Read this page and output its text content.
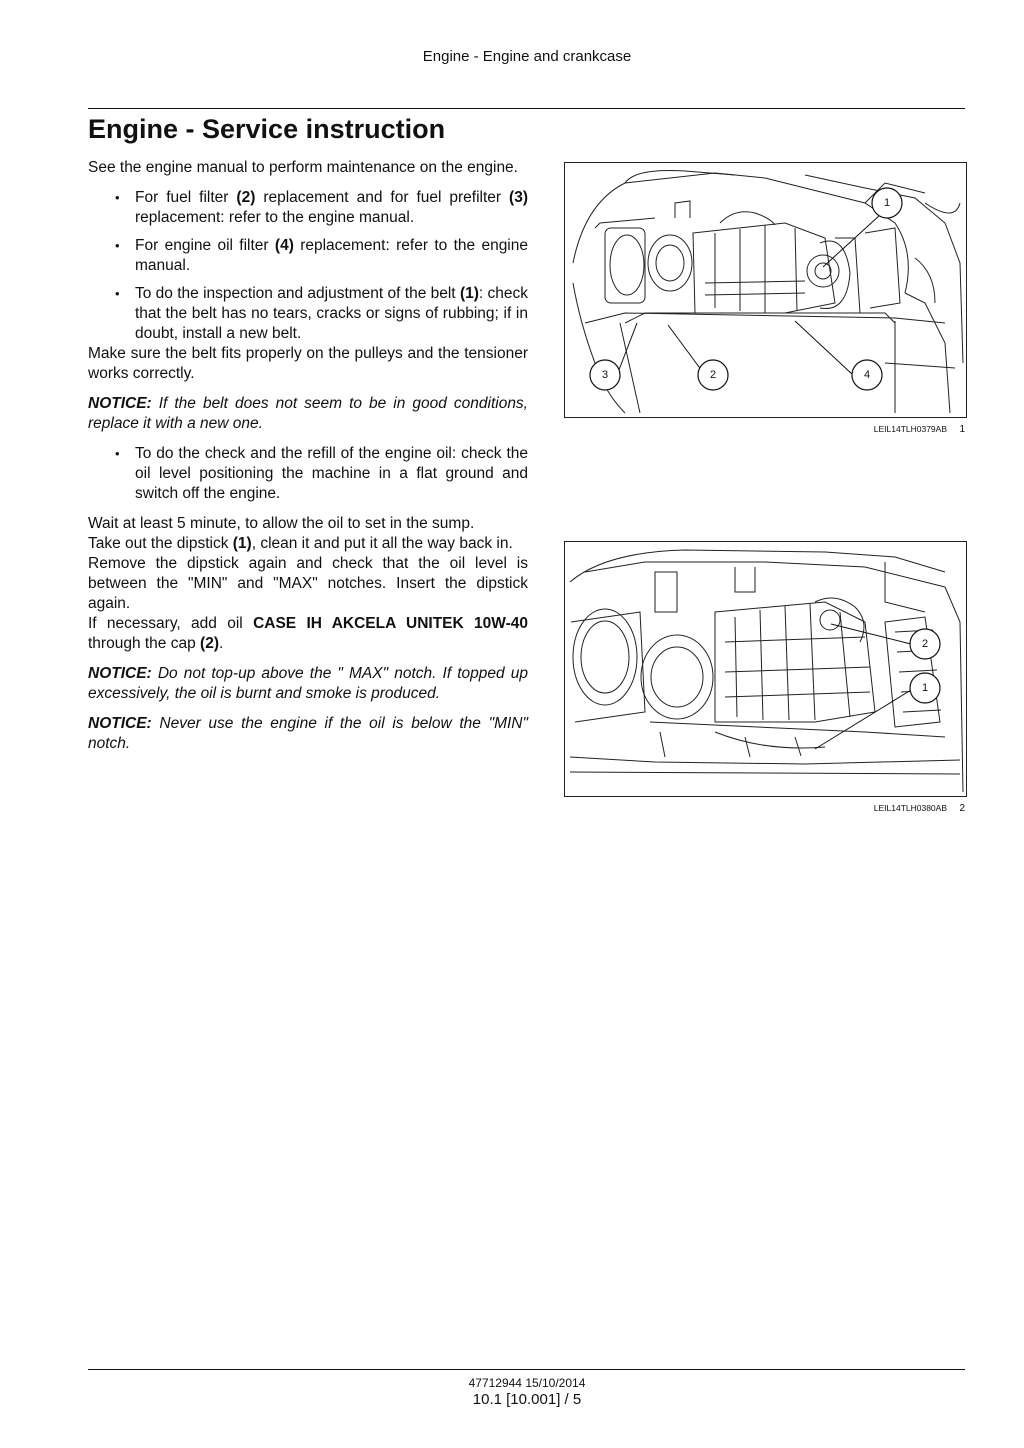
Engine - Engine and crankcase
Engine - Service instruction

See the engine manual to perform maintenance on the engine.

• For fuel filter (2) replacement and for fuel prefilter (3) replacement: refer to the engine manual.
• For engine oil filter (4) replacement: refer to the engine manual.
• To do the inspection and adjustment of the belt (1): check that the belt has no tears, cracks or signs of rubbing; if in doubt, install a new belt.

Make sure the belt fits properly on the pulleys and the tensioner works correctly.

NOTICE: If the belt does not seem to be in good conditions, replace it with a new one.

• To do the check and the refill of the engine oil: check the oil level positioning the machine in a flat ground and switch off the engine.

Wait at least 5 minute, to allow the oil to set in the sump.

Take out the dipstick (1), clean it and put it all the way back in.

Remove the dipstick again and check that the oil level is between the "MIN" and "MAX" notches. Insert the dipstick again.

If necessary, add oil CASE IH AKCELA UNITEK 10W-40 through the cap (2).

NOTICE: Do not top-up above the " MAX" notch. If topped up excessively, the oil is burnt and smoke is produced.

NOTICE: Never use the engine if the oil is below the "MIN" notch.

1
3	2	4
LEIL14TLH0379AB 1
2
1
LEIL14TLH0380AB 2
47712944 15/10/2014
10.1 [10.001] / 5
